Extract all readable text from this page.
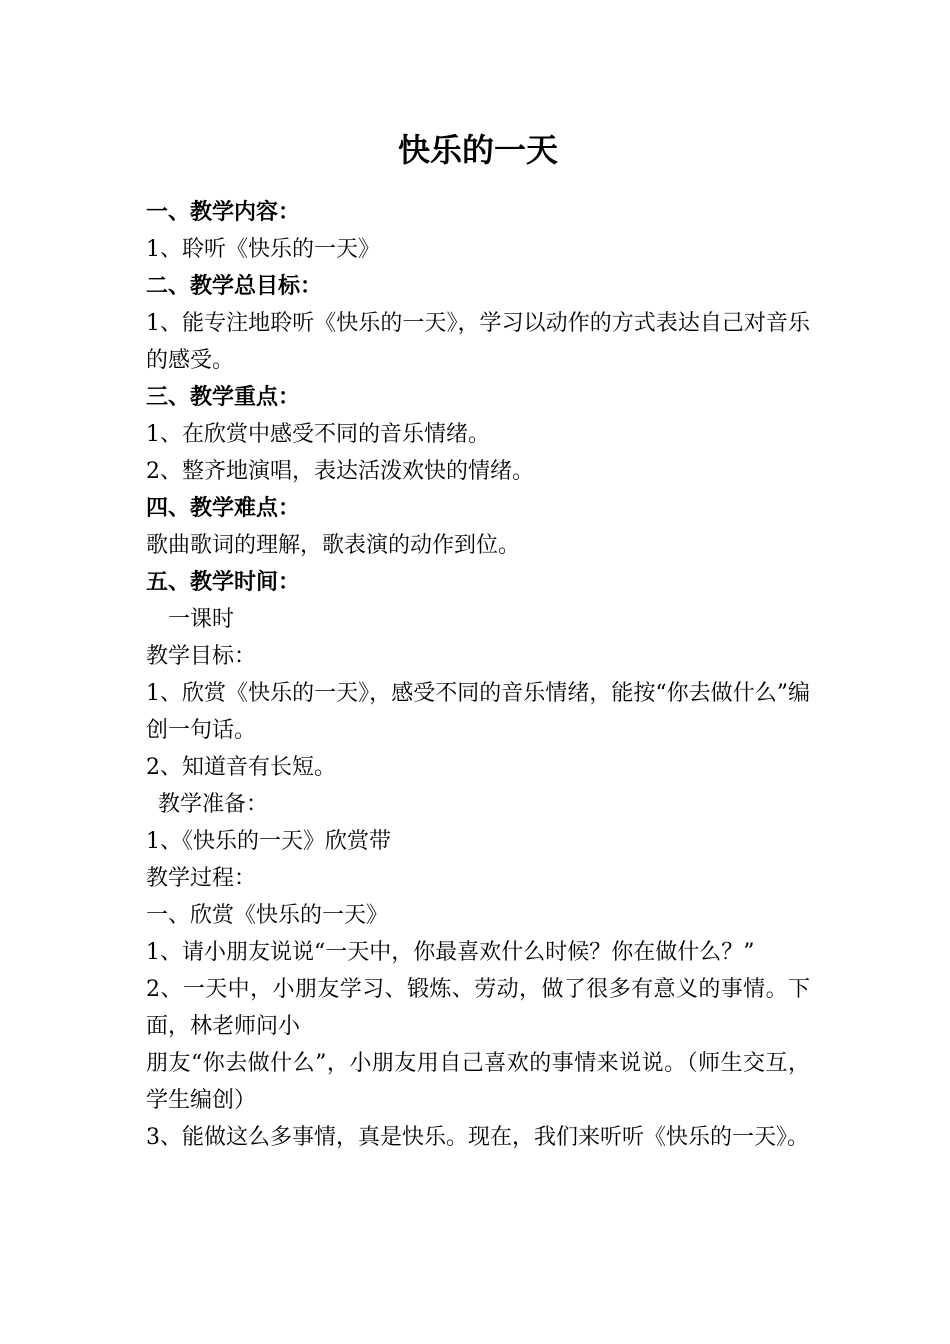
快乐的一天
一、教学内容：
1、聆听《快乐的一天》
二、教学总目标：
1、能专注地聆听《快乐的一天》，学习以动作的方式表达自己对音乐的感受。
三、教学重点：
1、在欣赏中感受不同的音乐情绪。
2、整齐地演唱，表达活泼欢快的情绪。
四、教学难点：
歌曲歌词的理解，歌表演的动作到位。
五、教学时间：
一课时
教学目标：
1、欣赏《快乐的一天》，感受不同的音乐情绪，能按“你去做什么”编创一句话。
2、知道音有长短。
教学准备：
1、《快乐的一天》欣赏带
教学过程：
一、欣赏《快乐的一天》
1、请小朋友说说“一天中，你最喜欢什么时候？你在做什么？”
2、一天中，小朋友学习、锻炼、劳动，做了很多有意义的事情。下面，林老师问小
朋友“你去做什么”，小朋友用自己喜欢的事情来说说。（师生交互，学生编创）
3、能做这么多事情，真是快乐。现在，我们来听听《快乐的一天》。
